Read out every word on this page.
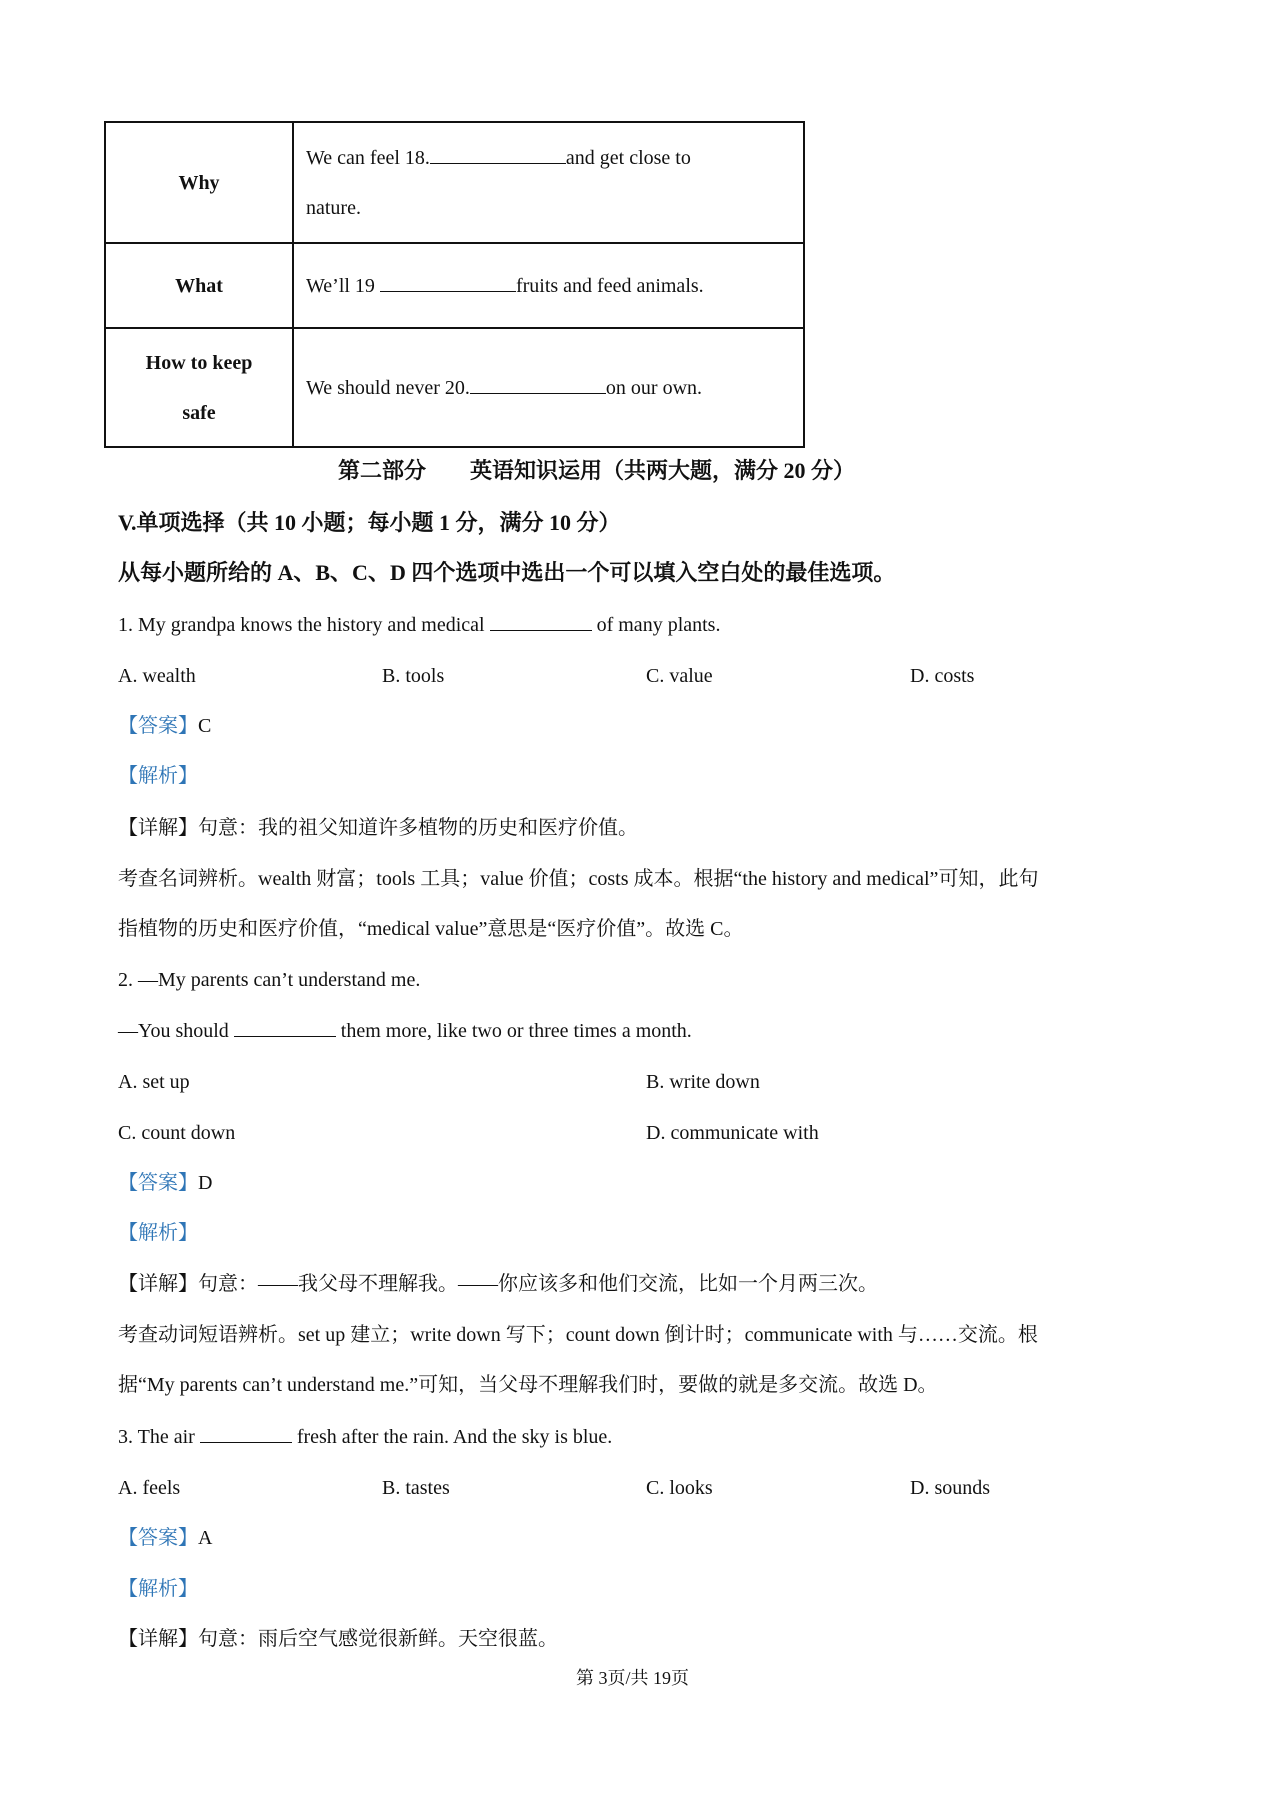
Why	We can feel 18. and get close to
nature.
What	We’ll 19 fruits and feed animals.
How to keep
safe	We should never 20. on our own.
第二部分　　英语知识运用（共两大题，满分 20 分）
V.单项选择（共 10 小题；每小题 1 分，满分 10 分）
从每小题所给的 A、B、C、D 四个选项中选出一个可以填入空白处的最佳选项。
1. My grandpa knows the history and medical	of many plants.
A. wealth	B. tools	C. value	D. costs
【答案】C
【解析】
【详解】句意：我的祖父知道许多植物的历史和医疗价值。
考查名词辨析。wealth 财富；tools 工具；value 价值；costs 成本。根据“the history and medical”可知，此句
指植物的历史和医疗价值，“medical value”意思是“医疗价值”。故选 C。
2. —My parents can’t understand me.
—You should	them more, like two or three times a month.
A. set up	B. write down
C. count down	D. communicate with
【答案】D
【解析】
【详解】句意：——我父母不理解我。——你应该多和他们交流，比如一个月两三次。
考查动词短语辨析。set up 建立；write down 写下；count down 倒计时；communicate with 与……交流。根
据“My parents can’t understand me.”可知，当父母不理解我们时，要做的就是多交流。故选 D。
3. The air	fresh after the rain. And the sky is blue.
A. feels	B. tastes	C. looks	D. sounds
【答案】A
【解析】
【详解】句意：雨后空气感觉很新鲜。天空很蓝。
第 3页/共 19页
